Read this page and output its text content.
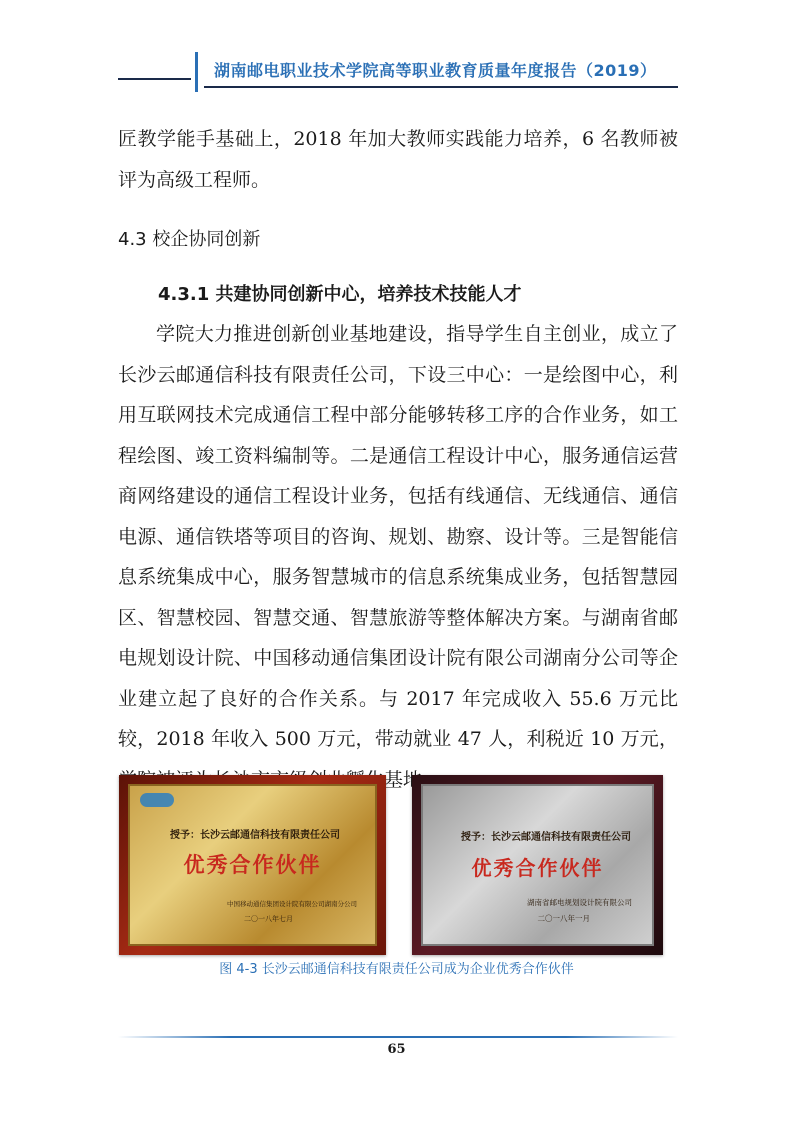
湖南邮电职业技术学院高等职业教育质量年度报告（2019）

匠教学能手基础上，2018 年加大教师实践能力培养，6 名教师被评为高级工程师。

4.3 校企协同创新
4.3.1 共建协同创新中心，培养技术技能人才

学院大力推进创新创业基地建设，指导学生自主创业，成立了长沙云邮通信科技有限责任公司，下设三中心：一是绘图中心，利用互联网技术完成通信工程中部分能够转移工序的合作业务，如工程绘图、竣工资料编制等。二是通信工程设计中心，服务通信运营商网络建设的通信工程设计业务，包括有线通信、无线通信、通信电源、通信铁塔等项目的咨询、规划、勘察、设计等。三是智能信息系统集成中心，服务智慧城市的信息系统集成业务，包括智慧园区、智慧校园、智慧交通、智慧旅游等整体解决方案。与湖南省邮电规划设计院、中国移动通信集团设计院有限公司湖南分公司等企业建立起了良好的合作关系。与 2017 年完成收入 55.6 万元比较，2018 年收入 500 万元，带动就业 47 人，利税近 10 万元， 孵化基地。

授予：长沙云邮通信科技有限责任公司
优秀合作伙伴
中国移动通信集团设计院有限公司湖南分公司
二〇一八年七月
授予：长沙云邮通信科技有限责任公司
优秀合作伙伴
湖南省邮电规划设计院有限公司
二〇一八年一月
图 4-3 长沙云邮通信科技有限责任公司成为企业优秀合作伙伴
65
